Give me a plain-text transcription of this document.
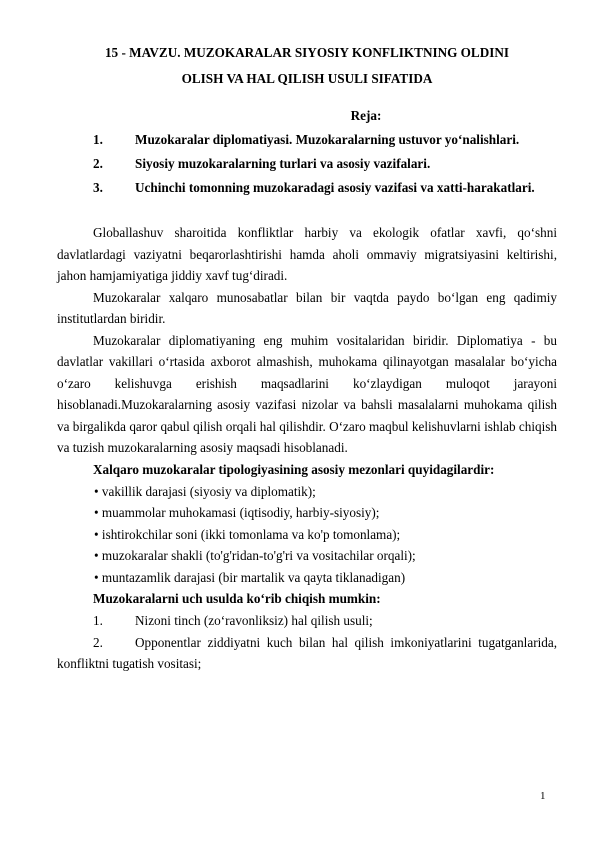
15 - MAVZU. MUZOKARALAR SIYOSIY KONFLIKTNING OLDINI
OLISH VA HAL QILISH USULI SIFATIDA

Reja:

1. Muzokaralar diplomatiyasi. Muzokaralarning ustuvor yo‘nalishlari.
2. Siyosiy muzokaralarning turlari va asosiy vazifalari.
3. Uchinchi tomonning muzokaradagi asosiy vazifasi va xatti-harakatlari.

Globallashuv sharoitida konfliktlar harbiy va ekologik ofatlar xavfi, qo‘shni davlatlardagi vaziyatni beqarorlashtirishi hamda aholi ommaviy migratsiyasini keltirishi, jahon hamjamiyatiga jiddiy xavf tug‘diradi.

Muzokaralar xalqaro munosabatlar bilan bir vaqtda paydo bo‘lgan eng qadimiy institutlardan biridir.

Muzokaralar diplomatiyaning eng muhim vositalaridan biridir. Diplomatiya - bu davlatlar vakillari o‘rtasida axborot almashish, muhokama qilinayotgan masalalar bo‘yicha o‘zaro kelishuvga erishish maqsadlarini ko‘zlaydigan muloqot jarayoni hisoblanadi.Muzokaralarning asosiy vazifasi nizolar va bahsli masalalarni muhokama qilish va birgalikda qaror qabul qilish orqali hal qilishdir. O‘zaro maqbul kelishuvlarni ishlab chiqish va tuzish muzokaralarning asosiy maqsadi hisoblanadi.

Xalqaro muzokaralar tipologiyasining asosiy mezonlari quyidagilardir:

• vakillik darajasi (siyosiy va diplomatik);

• muammolar muhokamasi (iqtisodiy, harbiy-siyosiy);

• ishtirokchilar soni (ikki tomonlama va ko'p tomonlama);

• muzokaralar shakli (to'g'ridan-to'g'ri va vositachilar orqali);

• muntazamlik darajasi (bir martalik va qayta tiklanadigan)

Muzokaralarni uch usulda ko‘rib chiqish mumkin:

1. Nizoni tinch (zo‘ravonliksiz) hal qilish usuli;

2. Opponentlar ziddiyatni kuch bilan hal qilish imkoniyatlarini tugatganlarida, konfliktni tugatish vositasi;

1
